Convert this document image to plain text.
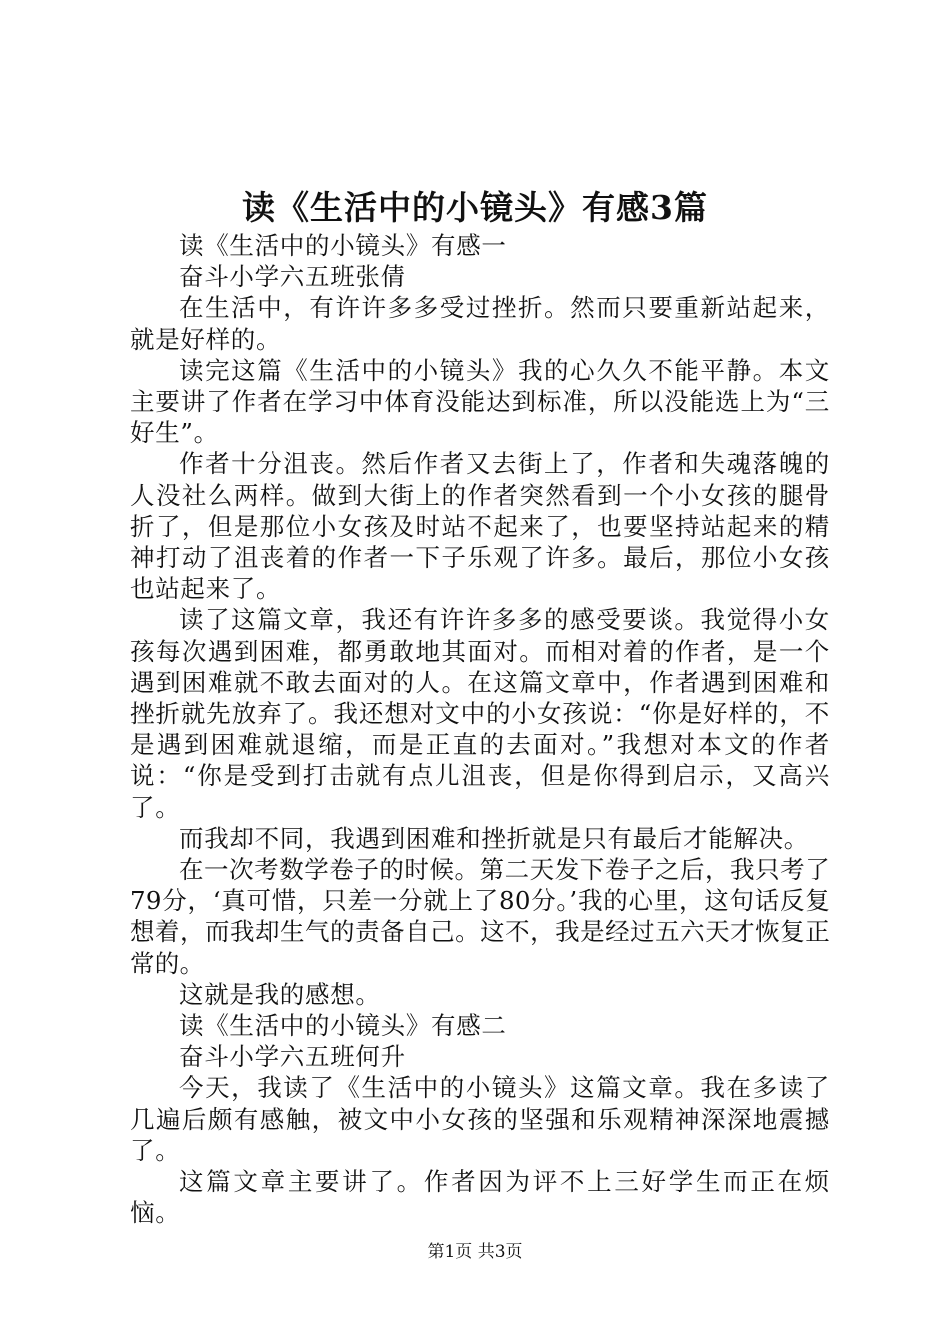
读《生活中的小镜头》有感3篇

读《生活中的小镜头》有感一

奋斗小学六五班张倩

在生活中，有许许多多受过挫折。然而只要重新站起来，就是好样的。

读完这篇《生活中的小镜头》我的心久久不能平静。本文主要讲了作者在学习中体育没能达到标准，所以没能选上为“三好生”。

作者十分沮丧。然后作者又去街上了，作者和失魂落魄的人没社么两样。做到大街上的作者突然看到一个小女孩的腿骨折了，但是那位小女孩及时站不起来了，也要坚持站起来的精神打动了沮丧着的作者一下子乐观了许多。最后，那位小女孩也站起来了。

读了这篇文章，我还有许许多多的感受要谈。我觉得小女孩每次遇到困难，都勇敢地其面对。而相对着的作者，是一个遇到困难就不敢去面对的人。在这篇文章中，作者遇到困难和挫折就先放弃了。我还想对文中的小女孩说：“你是好样的，不是遇到困难就退缩，而是正直的去面对。”我想对本文的作者说：“你是受到打击就有点儿沮丧，但是你得到启示，又高兴了。

而我却不同，我遇到困难和挫折就是只有最后才能解决。

在一次考数学卷子的时候。第二天发下卷子之后，我只考了79分，‘真可惜，只差一分就上了80分。’我的心里，这句话反复想着，而我却生气的责备自己。这不，我是经过五六天才恢复正常的。

这就是我的感想。

读《生活中的小镜头》有感二

奋斗小学六五班何升

今天，我读了《生活中的小镜头》这篇文章。我在多读了几遍后颇有感触，被文中小女孩的坚强和乐观精神深深地震撼了。

这篇文章主要讲了。作者因为评不上三好学生而正在烦恼。

第1页 共3页
